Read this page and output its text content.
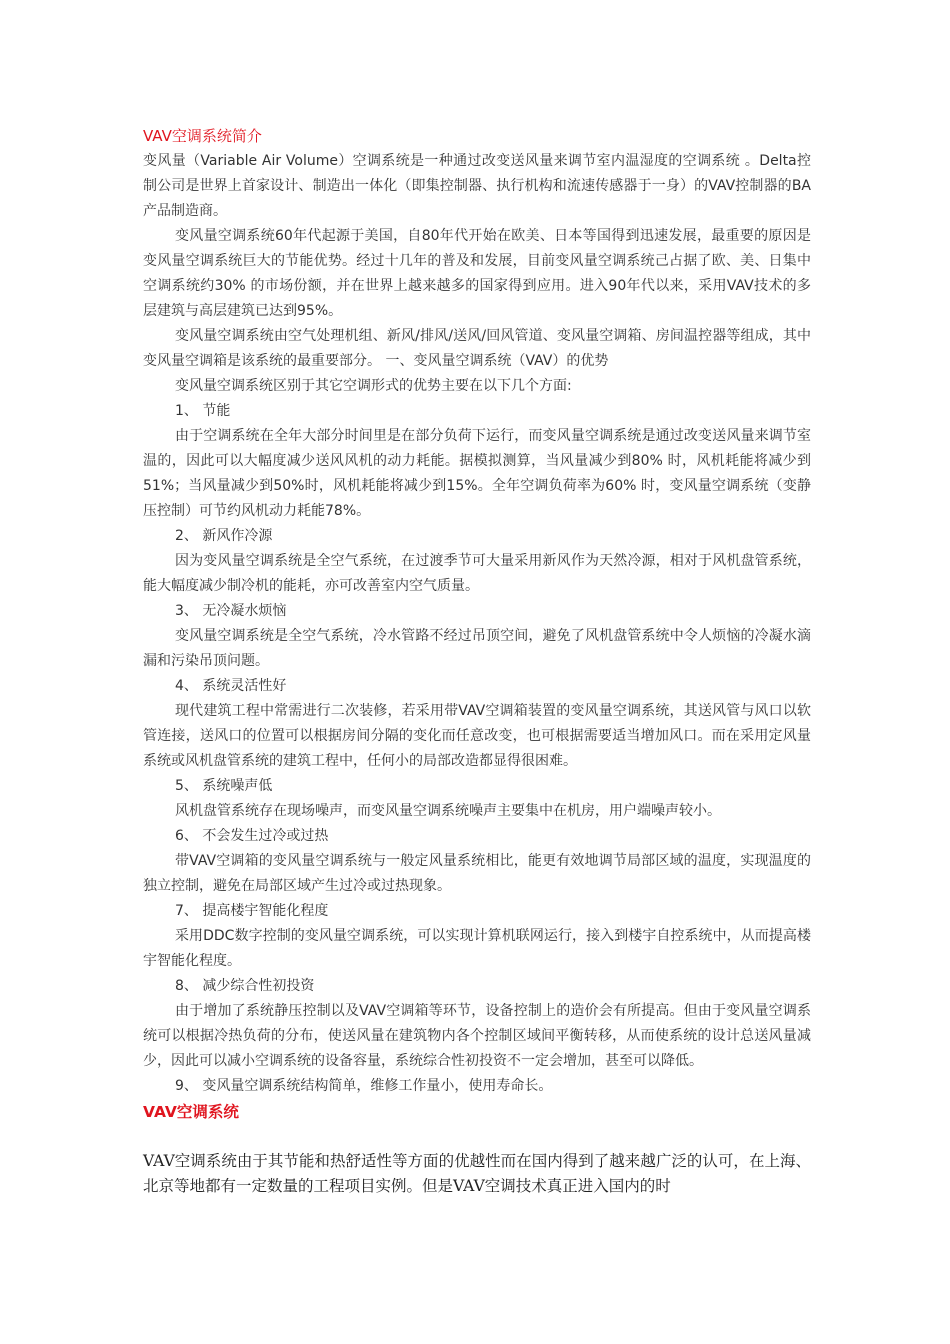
VAV空调系统简介

变风量（Variable Air Volume）空调系统是一种通过改变送风量来调节室内温湿度的空调系统 。Delta控制公司是世界上首家设计、制造出一体化（即集控制器、执行机构和流速传感器于一身）的VAV控制器的BA产品制造商。

变风量空调系统60年代起源于美国，自80年代开始在欧美、日本等国得到迅速发展，最重要的原因是变风量空调系统巨大的节能优势。经过十几年的普及和发展，目前变风量空调系统己占据了欧、美、日集中空调系统约30% 的市场份额，并在世界上越来越多的国家得到应用。进入90年代以来，采用VAV技术的多层建筑与高层建筑已达到95%。

变风量空调系统由空气处理机组、新风/排风/送风/回风管道、变风量空调箱、房间温控器等组成，其中变风量空调箱是该系统的最重要部分。 一、变风量空调系统（VAV）的优势

变风量空调系统区别于其它空调形式的优势主要在以下几个方面:

1、 节能

由于空调系统在全年大部分时间里是在部分负荷下运行，而变风量空调系统是通过改变送风量来调节室温的，因此可以大幅度减少送风风机的动力耗能。据模拟测算，当风量减少到80% 时，风机耗能将减少到51%；当风量减少到50%时，风机耗能将减少到15%。全年空调负荷率为60% 时，变风量空调系统（变静压控制）可节约风机动力耗能78%。

2、 新风作冷源

因为变风量空调系统是全空气系统，在过渡季节可大量采用新风作为天然冷源，相对于风机盘管系统，能大幅度减少制冷机的能耗，亦可改善室内空气质量。

3、 无冷凝水烦恼

变风量空调系统是全空气系统，冷水管路不经过吊顶空间，避免了风机盘管系统中令人烦恼的冷凝水滴漏和污染吊顶问题。

4、 系统灵活性好

现代建筑工程中常需进行二次装修，若采用带VAV空调箱装置的变风量空调系统，其送风管与风口以软管连接，送风口的位置可以根据房间分隔的变化而任意改变，也可根据需要适当增加风口。而在采用定风量系统或风机盘管系统的建筑工程中，任何小的局部改造都显得很困难。

5、 系统噪声低

风机盘管系统存在现场噪声，而变风量空调系统噪声主要集中在机房，用户端噪声较小。

6、 不会发生过冷或过热

带VAV空调箱的变风量空调系统与一般定风量系统相比，能更有效地调节局部区域的温度，实现温度的独立控制，避免在局部区域产生过冷或过热现象。

7、 提高楼宇智能化程度

采用DDC数字控制的变风量空调系统，可以实现计算机联网运行，接入到楼宇自控系统中，从而提高楼宇智能化程度。

8、 减少综合性初投资

由于增加了系统静压控制以及VAV空调箱等环节，设备控制上的造价会有所提高。但由于变风量空调系统可以根据冷热负荷的分布，使送风量在建筑物内各个控制区域间平衡转移，从而使系统的设计总送风量减少，因此可以减小空调系统的设备容量，系统综合性初投资不一定会增加，甚至可以降低。

9、 变风量空调系统结构简单，维修工作量小，使用寿命长。

VAV空调系统

VAV空调系统由于其节能和热舒适性等方面的优越性而在国内得到了越来越广泛的认可，在上海、北京等地都有一定数量的工程项目实例。但是VAV空调技术真正进入国内的时
